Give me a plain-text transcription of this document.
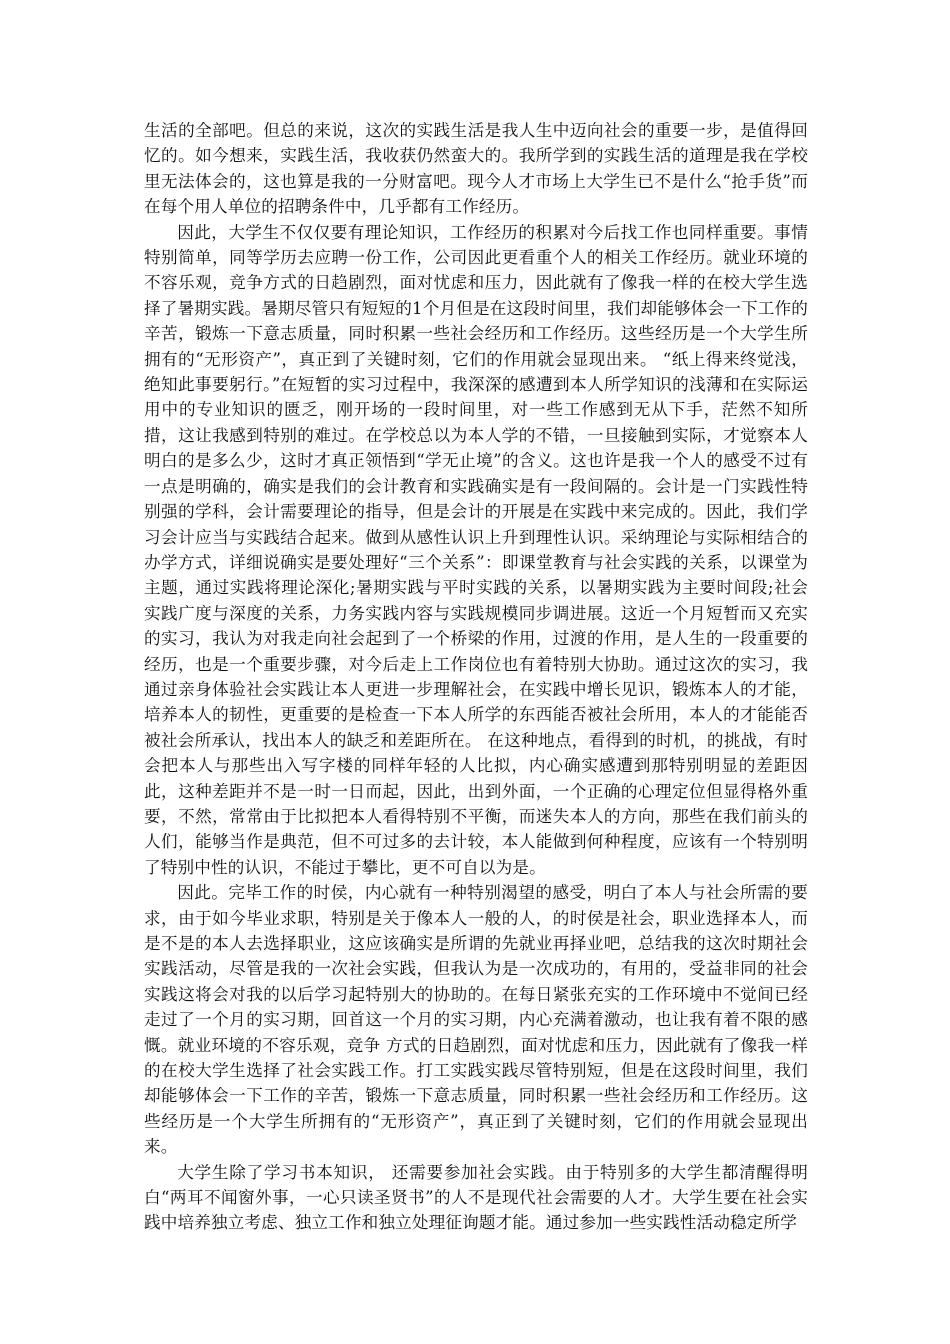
生活的全部吧。但总的来说，这次的实践生活是我人生中迈向社会的重要一步，是值得回忆的。如今想来，实践生活，我收获仍然蛮大的。我所学到的实践生活的道理是我在学校里无法体会的，这也算是我的一分财富吧。现今人才市场上大学生已不是什么“抢手货”而在每个用人单位的招聘条件中，几乎都有工作经历。

因此，大学生不仅仅要有理论知识，工作经历的积累对今后找工作也同样重要。事情特别简单，同等学历去应聘一份工作，公司因此更看重个人的相关工作经历。就业环境的不容乐观，竞争方式的日趋剧烈，面对忧虑和压力，因此就有了像我一样的在校大学生选择了暑期实践。暑期尽管只有短短的1个月但是在这段时间里，我们却能够体会一下工作的辛苦，锻炼一下意志质量，同时积累一些社会经历和工作经历。这些经历是一个大学生所拥有的“无形资产”，真正到了关键时刻，它们的作用就会显现出来。 “纸上得来终觉浅，绝知此事要躬行。”在短暂的实习过程中，我深深的感遭到本人所学知识的浅薄和在实际运用中的专业知识的匮乏，刚开场的一段时间里，对一些工作感到无从下手，茫然不知所措，这让我感到特别的难过。在学校总以为本人学的不错，一旦接触到实际，才觉察本人明白的是多么少，这时才真正领悟到“学无止境”的含义。这也许是我一个人的感受不过有一点是明确的，确实是我们的会计教育和实践确实是有一段间隔的。会计是一门实践性特别强的学科，会计需要理论的指导，但是会计的开展是在实践中来完成的。因此，我们学习会计应当与实践结合起来。做到从感性认识上升到理性认识。采纳理论与实际相结合的办学方式，详细说确实是要处理好“三个关系”：即课堂教育与社会实践的关系，以课堂为主题，通过实践将理论深化;暑期实践与平时实践的关系，以暑期实践为主要时间段;社会实践广度与深度的关系，力务实践内容与实践规模同步调进展。这近一个月短暂而又充实的实习，我认为对我走向社会起到了一个桥梁的作用，过渡的作用，是人生的一段重要的经历，也是一个重要步骤，对今后走上工作岗位也有着特别大协助。通过这次的实习，我通过亲身体验社会实践让本人更进一步理解社会，在实践中增长见识，锻炼本人的才能，培养本人的韧性，更重要的是检查一下本人所学的东西能否被社会所用，本人的才能能否被社会所承认，找出本人的缺乏和差距所在。 在这种地点，看得到的时机，的挑战，有时会把本人与那些出入写字楼的同样年轻的人比拟，内心确实感遭到那特别明显的差距因此，这种差距并不是一时一日而起，因此，出到外面，一个正确的心理定位但显得格外重要，不然，常常由于比拟把本人看得特别不平衡，而迷失本人的方向，那些在我们前头的人们，能够当作是典范，但不可过多的去计较，本人能做到何种程度，应该有一个特别明了特别中性的认识，不能过于攀比，更不可自以为是。

因此。完毕工作的时侯，内心就有一种特别渴望的感受，明白了本人与社会所需的要求，由于如今毕业求职，特别是关于像本人一般的人，的时侯是社会，职业选择本人，而是不是的本人去选择职业，这应该确实是所谓的先就业再择业吧，总结我的这次时期社会实践活动，尽管是我的一次社会实践，但我认为是一次成功的，有用的，受益非同的社会实践这将会对我的以后学习起特别大的协助的。在每日紧张充实的工作环境中不觉间已经走过了一个月的实习期，回首这一个月的实习期，内心充满着激动，也让我有着不限的感慨。就业环境的不容乐观，竞争 方式的日趋剧烈，面对忧虑和压力，因此就有了像我一样的在校大学生选择了社会实践工作。打工实践实践尽管特别短，但是在这段时间里，我们却能够体会一下工作的辛苦，锻炼一下意志质量，同时积累一些社会经历和工作经历。这些经历是一个大学生所拥有的“无形资产”，真正到了关键时刻，它们的作用就会显现出来。

大学生除了学习书本知识， 还需要参加社会实践。由于特别多的大学生都清醒得明白“两耳不闻窗外事，一心只读圣贤书”的人不是现代社会需要的人才。大学生要在社会实践中培养独立考虑、独立工作和独立处理征询题才能。通过参加一些实践性活动稳定所学
